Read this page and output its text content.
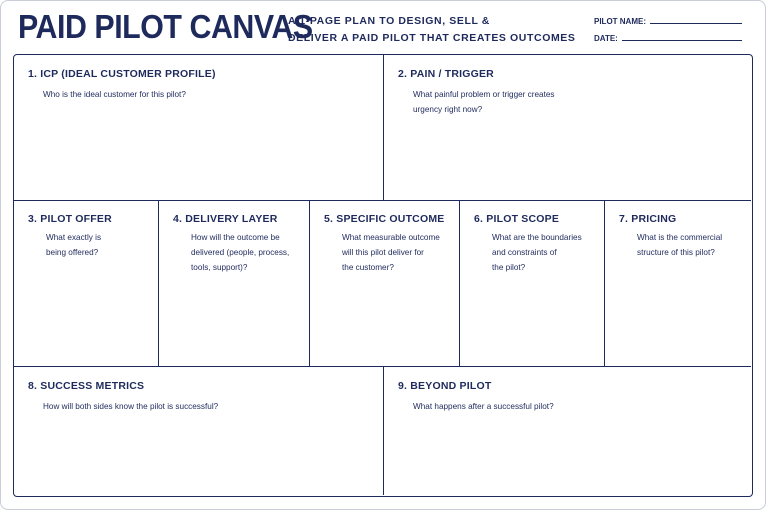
PAID PILOT CANVAS
A 1-PAGE PLAN TO DESIGN, SELL &
DELIVER A PAID PILOT THAT CREATES OUTCOMES
PILOT NAME:
DATE:
1. ICP (IDEAL CUSTOMER PROFILE)

Who is the ideal customer for this pilot?

2. PAIN / TRIGGER

What painful problem or trigger creates
urgency right now?

3. PILOT OFFER

What exactly is
being offered?

4. DELIVERY LAYER

How will the outcome be
delivered (people, process,
tools, support)?

5. SPECIFIC OUTCOME

What measurable outcome
will this pilot deliver for
the customer?

6. PILOT SCOPE

What are the boundaries
and constraints of
the pilot?

7. PRICING

What is the commercial
structure of this pilot?

8. SUCCESS METRICS

How will both sides know the pilot is successful?

9. BEYOND PILOT

What happens after a successful pilot?
